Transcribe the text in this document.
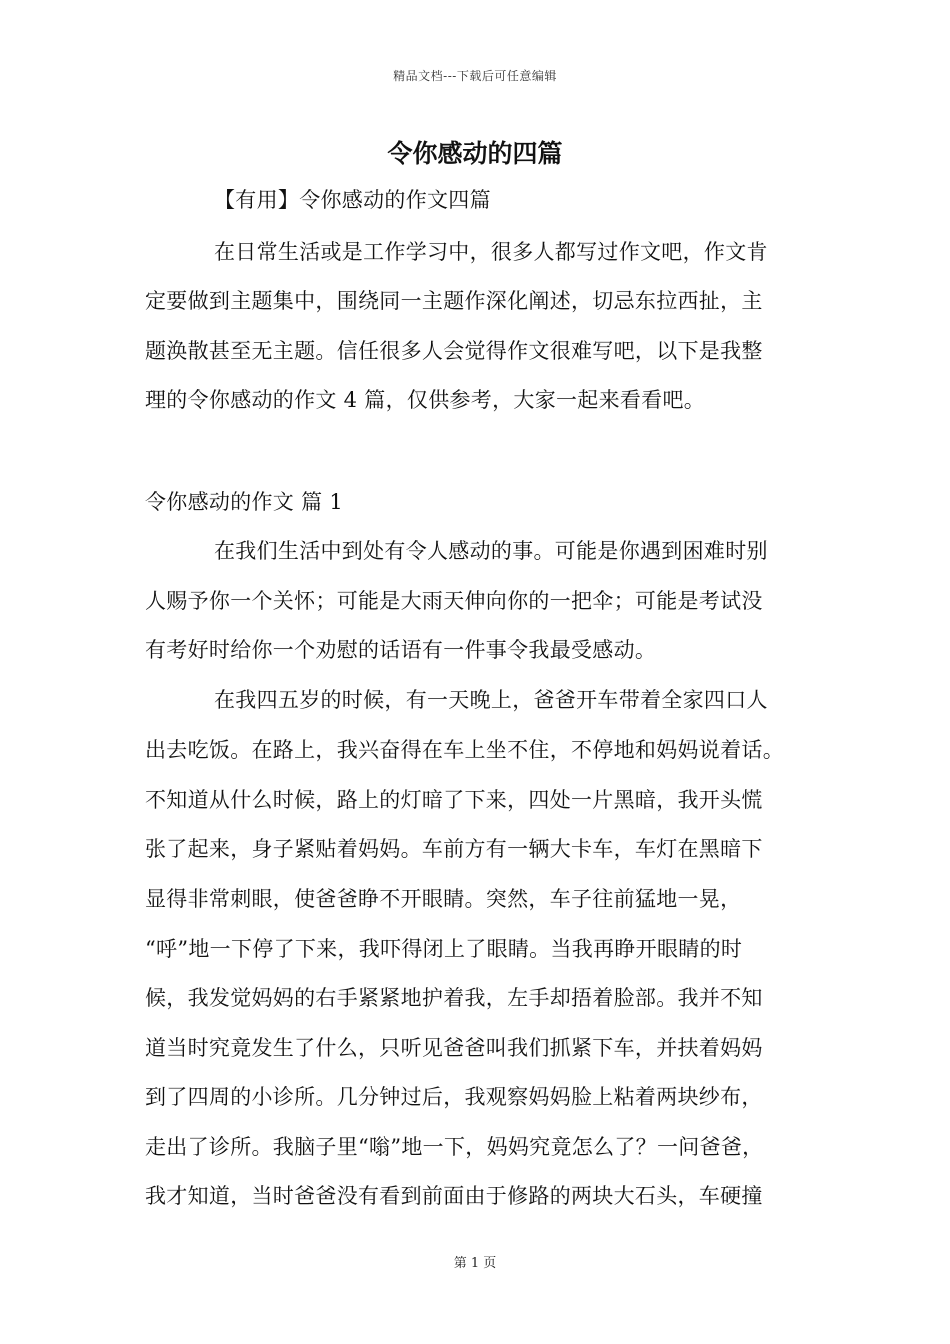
精品文档---下载后可任意编辑
令你感动的四篇

【有用】令你感动的作文四篇

在日常生活或是工作学习中，很多人都写过作文吧，作文肯

定要做到主题集中，围绕同一主题作深化阐述，切忌东拉西扯，主

题涣散甚至无主题。信任很多人会觉得作文很难写吧，以下是我整

理的令你感动的作文 4 篇，仅供参考，大家一起来看看吧。

令你感动的作文 篇 1

在我们生活中到处有令人感动的事。可能是你遇到困难时别

人赐予你一个关怀；可能是大雨天伸向你的一把伞；可能是考试没

有考好时给你一个劝慰的话语有一件事令我最受感动。

在我四五岁的时候，有一天晚上，爸爸开车带着全家四口人

出去吃饭。在路上，我兴奋得在车上坐不住，不停地和妈妈说着话。

不知道从什么时候，路上的灯暗了下来，四处一片黑暗，我开头慌

张了起来，身子紧贴着妈妈。车前方有一辆大卡车，车灯在黑暗下

显得非常刺眼，使爸爸睁不开眼睛。突然，车子往前猛地一晃，

“呼”地一下停了下来，我吓得闭上了眼睛。当我再睁开眼睛的时

候，我发觉妈妈的右手紧紧地护着我，左手却捂着脸部。我并不知

道当时究竟发生了什么，只听见爸爸叫我们抓紧下车，并扶着妈妈

到了四周的小诊所。几分钟过后，我观察妈妈脸上粘着两块纱布，

走出了诊所。我脑子里“嗡”地一下，妈妈究竟怎么了？一问爸爸，

我才知道，当时爸爸没有看到前面由于修路的两块大石头，车硬撞

第 1 页
